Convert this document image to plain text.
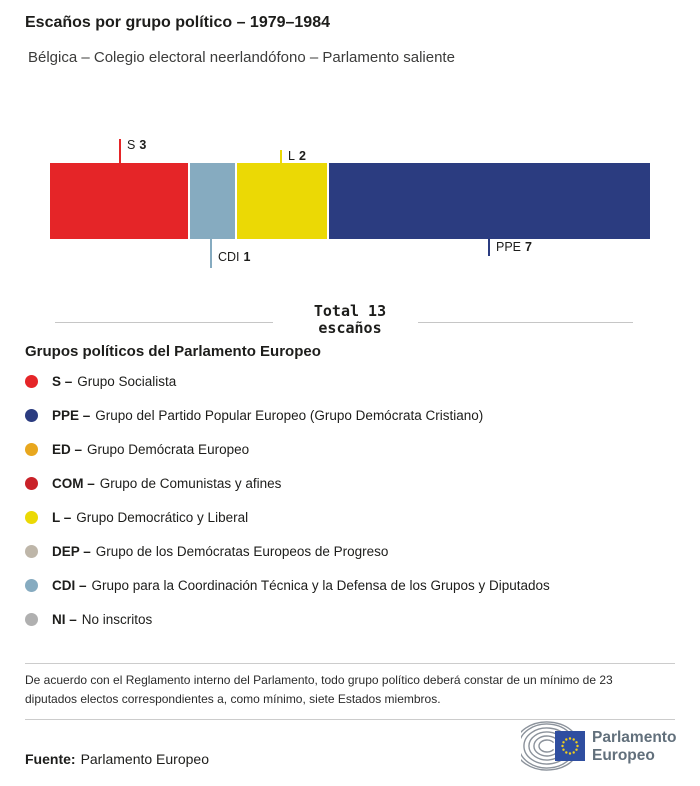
Escaños por grupo político – 1979–1984
Bélgica – Colegio electoral neerlandófono – Parlamento saliente
S 3
CDI 1
L 2
PPE 7
Total 13
escaños
Grupos políticos del Parlamento Europeo
S – Grupo Socialista
PPE – Grupo del Partido Popular Europeo (Grupo Demócrata Cristiano)
ED – Grupo Demócrata Europeo
COM – Grupo de Comunistas y afines
L – Grupo Democrático y Liberal
DEP – Grupo de los Demócratas Europeos de Progreso
CDI – Grupo para la Coordinación Técnica y la Defensa de los Grupos y Diputados
NI – No inscritos
De acuerdo con el Reglamento interno del Parlamento, todo grupo político deberá constar de un mínimo de 23 diputados electos correspondientes a, como mínimo, siete Estados miembros.
Fuente: Parlamento Europeo
Parlamento
Europeo
